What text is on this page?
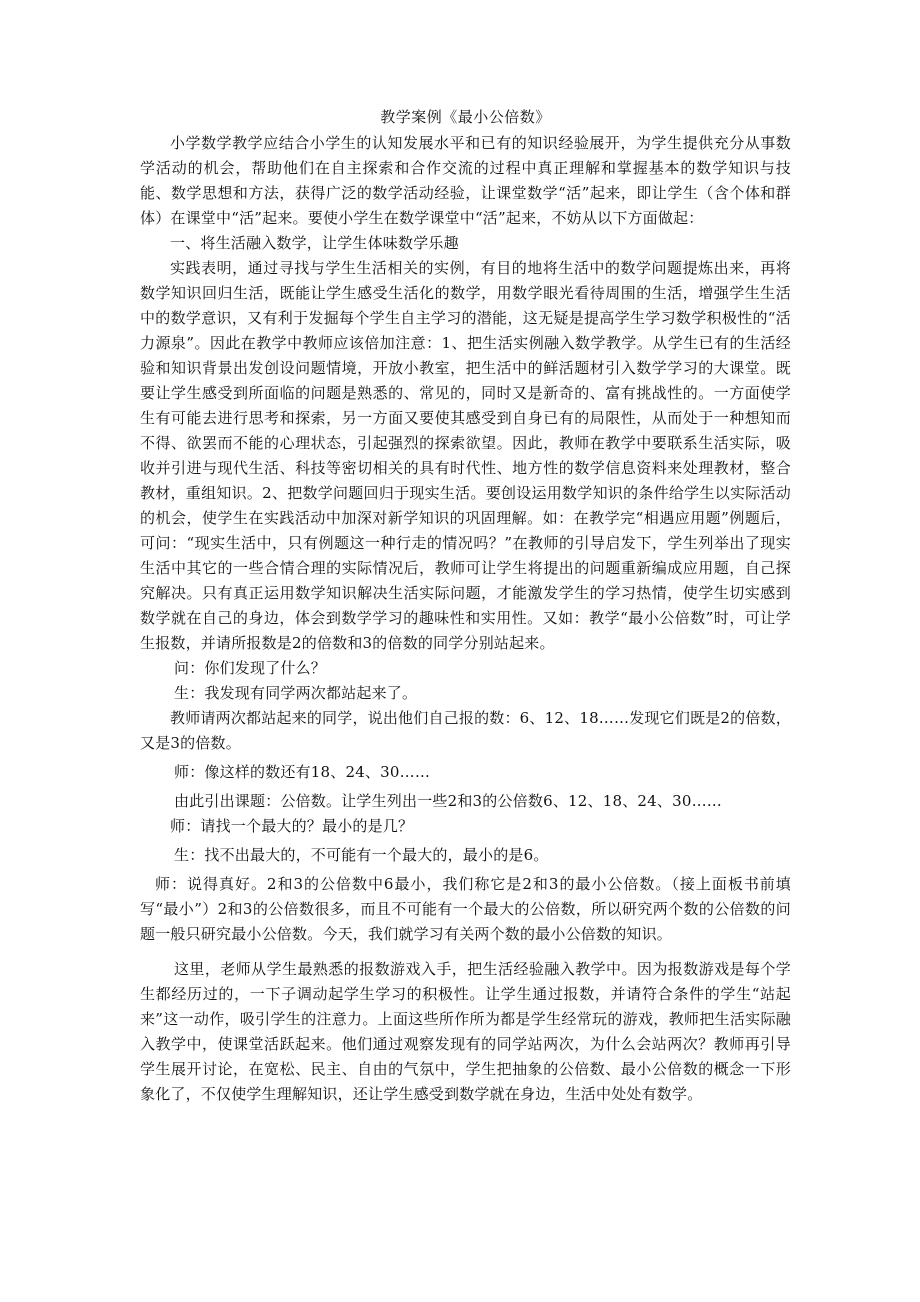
教学案例《最小公倍数》

小学数学教学应结合小学生的认知发展水平和已有的知识经验展开，为学生提供充分从事数学活动的机会，帮助他们在自主探索和合作交流的过程中真正理解和掌握基本的数学知识与技能、数学思想和方法，获得广泛的数学活动经验，让课堂数学“活”起来，即让学生（含个体和群体）在课堂中“活”起来。要使小学生在数学课堂中“活”起来，不妨从以下方面做起：

一、将生活融入数学，让学生体味数学乐趣

实践表明，通过寻找与学生生活相关的实例，有目的地将生活中的数学问题提炼出来，再将数学知识回归生活，既能让学生感受生活化的数学，用数学眼光看待周围的生活，增强学生生活中的数学意识，又有利于发掘每个学生自主学习的潜能，这无疑是提高学生学习数学积极性的“活力源泉”。因此在教学中教师应该倍加注意：1、把生活实例融入数学教学。从学生已有的生活经验和知识背景出发创设问题情境，开放小教室，把生活中的鲜活题材引入数学学习的大课堂。既要让学生感受到所面临的问题是熟悉的、常见的，同时又是新奇的、富有挑战性的。一方面使学生有可能去进行思考和探索，另一方面又要使其感受到自身已有的局限性，从而处于一种想知而不得、欲罢而不能的心理状态，引起强烈的探索欲望。因此，教师在教学中要联系生活实际，吸收并引进与现代生活、科技等密切相关的具有时代性、地方性的数学信息资料来处理教材，整合教材，重组知识。2、把数学问题回归于现实生活。要创设运用数学知识的条件给学生以实际活动的机会，使学生在实践活动中加深对新学知识的巩固理解。如：在教学完“相遇应用题”例题后，可问：“现实生活中，只有例题这一种行走的情况吗？”在教师的引导启发下，学生列举出了现实生活中其它的一些合情合理的实际情况后，教师可让学生将提出的问题重新编成应用题，自己探究解决。只有真正运用数学知识解决生活实际问题，才能激发学生的学习热情，使学生切实感到数学就在自己的身边，体会到数学学习的趣味性和实用性。又如：教学“最小公倍数”时，可让学生报数，并请所报数是2的倍数和3的倍数的同学分别站起来。

问：你们发现了什么？

生：我发现有同学两次都站起来了。

教师请两次都站起来的同学，说出他们自己报的数：6、12、18……发现它们既是2的倍数，又是3的倍数。

师：像这样的数还有18、24、30……

由此引出课题：公倍数。让学生列出一些2和3的公倍数6、12、18、24、30……

师：请找一个最大的？最小的是几？

生：找不出最大的，不可能有一个最大的，最小的是6。

师：说得真好。2和3的公倍数中6最小，我们称它是2和3的最小公倍数。（接上面板书前填写“最小”）2和3的公倍数很多，而且不可能有一个最大的公倍数，所以研究两个数的公倍数的问题一般只研究最小公倍数。今天，我们就学习有关两个数的最小公倍数的知识。

这里，老师从学生最熟悉的报数游戏入手，把生活经验融入教学中。因为报数游戏是每个学生都经历过的，一下子调动起学生学习的积极性。让学生通过报数，并请符合条件的学生“站起来”这一动作，吸引学生的注意力。上面这些所作所为都是学生经常玩的游戏，教师把生活实际融入教学中，使课堂活跃起来。他们通过观察发现有的同学站两次，为什么会站两次？教师再引导学生展开讨论，在宽松、民主、自由的气氛中，学生把抽象的公倍数、最小公倍数的概念一下形象化了，不仅使学生理解知识，还让学生感受到数学就在身边，生活中处处有数学。
